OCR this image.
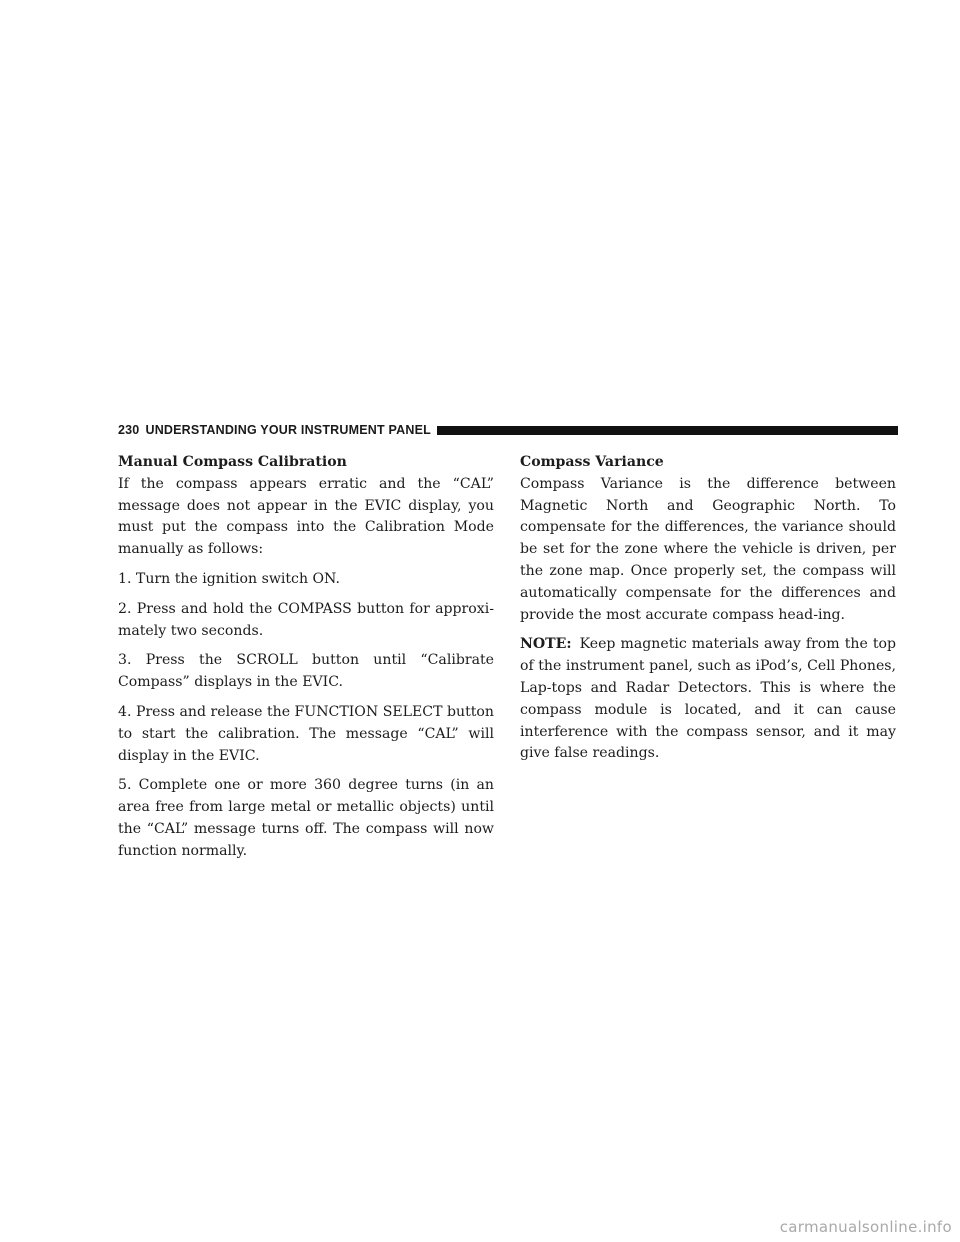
230 UNDERSTANDING YOUR INSTRUMENT PANEL

Manual Compass Calibration

If the compass appears erratic and the “CAL” message does not appear in the EVIC display, you must put the compass into the Calibration Mode manually as follows:

1. Turn the ignition switch ON.

2. Press and hold the COMPASS button for approxi-mately two seconds.

3. Press the SCROLL button until “Calibrate Compass” displays in the EVIC.

4. Press and release the FUNCTION SELECT button to start the calibration. The message “CAL” will display in the EVIC.

5. Complete one or more 360 degree turns (in an area free from large metal or metallic objects) until the “CAL” message turns off. The compass will now function normally.

Compass Variance

Compass Variance is the difference between Magnetic North and Geographic North. To compensate for the differences, the variance should be set for the zone where the vehicle is driven, per the zone map. Once properly set, the compass will automatically compensate for the differences and provide the most accurate compass head-ing.

NOTE: Keep magnetic materials away from the top of the instrument panel, such as iPod’s, Cell Phones, Lap-tops and Radar Detectors. This is where the compass module is located, and it can cause interference with the compass sensor, and it may give false readings.

carmanualsonline.info
